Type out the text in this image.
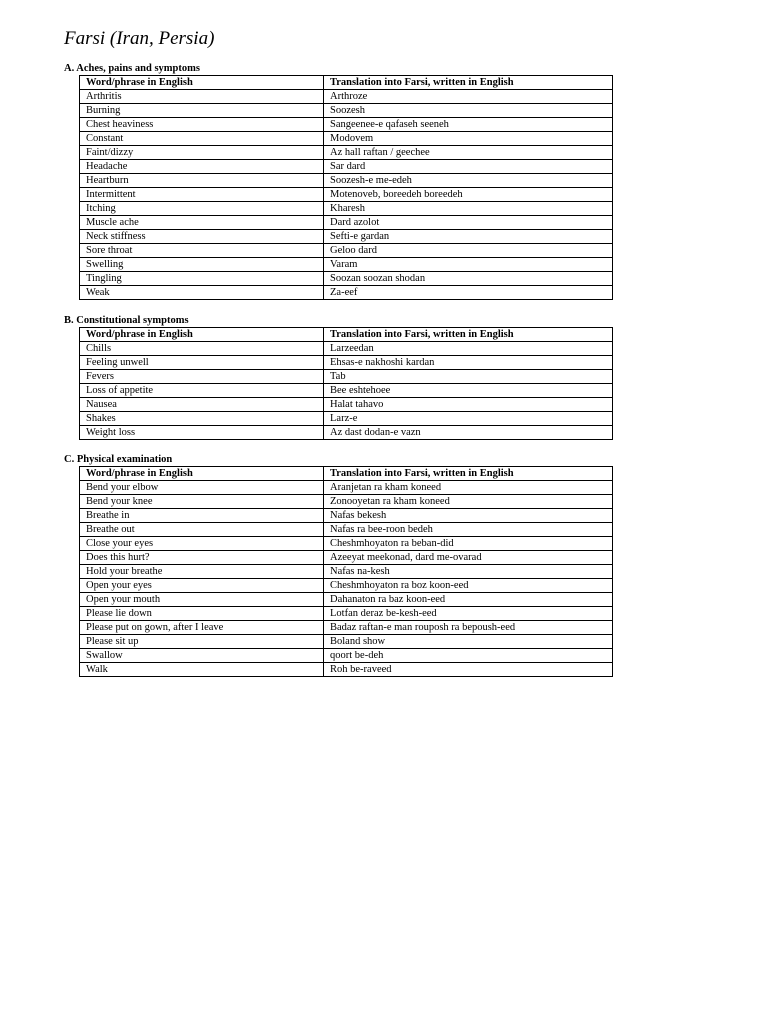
Farsi (Iran, Persia)

A. Aches, pains and symptoms

Word/phrase in English	Translation into Farsi, written in English
Arthritis	Arthroze
Burning	Soozesh
Chest heaviness	Sangeenee-e qafaseh seeneh
Constant	Modovem
Faint/dizzy	Az hall raftan / geechee
Headache	Sar dard
Heartburn	Soozesh-e me-edeh
Intermittent	Motenoveb, boreedeh boreedeh
Itching	Kharesh
Muscle ache	Dard azolot
Neck stiffness	Sefti-e gardan
Sore throat	Geloo dard
Swelling	Varam
Tingling	Soozan soozan shodan
Weak	Za-eef

B. Constitutional symptoms

Word/phrase in English	Translation into Farsi, written in English
Chills	Larzeedan
Feeling unwell	Ehsas-e nakhoshi kardan
Fevers	Tab
Loss of appetite	Bee eshtehoee
Nausea	Halat tahavo
Shakes	Larz-e
Weight loss	Az dast dodan-e vazn

C. Physical examination

Word/phrase in English	Translation into Farsi, written in English
Bend your elbow	Aranjetan ra kham koneed
Bend your knee	Zonooyetan ra kham koneed
Breathe in	Nafas bekesh
Breathe out	Nafas ra bee-roon bedeh
Close your eyes	Cheshmhoyaton ra beban-did
Does this hurt?	Azeeyat meekonad, dard me-ovarad
Hold your breathe	Nafas na-kesh
Open your eyes	Cheshmhoyaton ra boz koon-eed
Open your mouth	Dahanaton ra baz koon-eed
Please lie down	Lotfan deraz be-kesh-eed
Please put on gown, after I leave	Badaz raftan-e man rouposh ra bepoush-eed
Please sit up	Boland show
Swallow	qoort be-deh
Walk	Roh be-raveed
